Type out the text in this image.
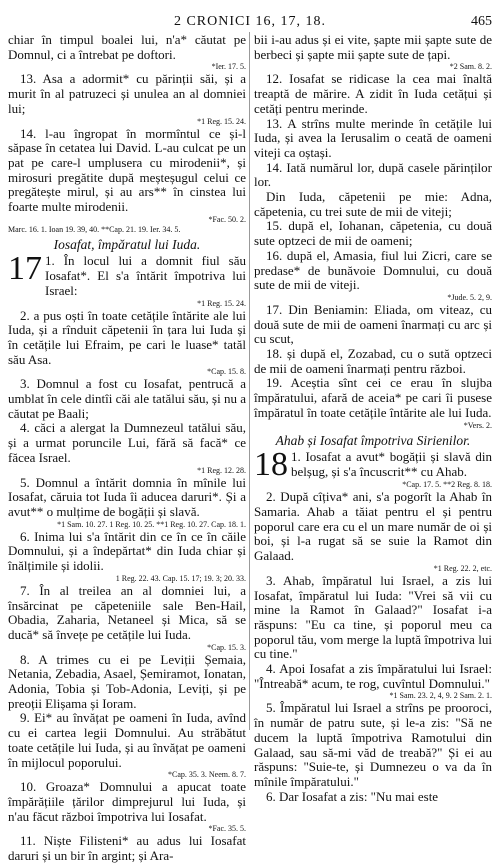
2 CRONICI 16, 17, 18.	465

chiar în timpul boalei lui, n'a* căutat pe Domnul, ci a întrebat pe doftori.

*Ier. 17. 5.

13. Asa a adormit* cu părinții săi, și a murit în al patruzeci și unulea an al domniei lui;

*1 Reg. 15. 24.

14. l-au îngropat în mormîntul ce și-l săpase în cetatea lui David. L-au culcat pe un pat pe care-l umplusera cu mirodenii*, și mirosuri pregătite după meșteșugul celui ce pregătește mirul, și au ars** în cinstea lui foarte multe mirodenii.

*Fac. 50. 2.
Marc. 16. 1. Ioan 19. 39, 40. **Cap. 21. 19. Ier. 34. 5.

Iosafat, împăratul lui Iuda.

17 1. În locul lui a domnit fiul său Iosafat*. El s'a întărit împotriva lui Israel:

*1 Reg. 15. 24.

2. a pus oști în toate cetățile întărite ale lui Iuda, și a rînduit căpetenii în țara lui Iuda și în cetățile lui Efraim, pe cari le luase* tatăl său Asa.

*Cap. 15. 8.

3. Domnul a fost cu Iosafat, pentrucă a umblat în cele dintîi căi ale tatălui său, și nu a căutat pe Baali;

4. căci a alergat la Dumnezeul tatălui său, și a urmat poruncile Lui, fără să facă* ce făcea Israel.

*1 Reg. 12. 28.

5. Domnul a întărit domnia în mînile lui Iosafat, căruia tot Iuda îi aducea daruri*. Și a avut** o mulțime de bogății și slavă.

*1 Sam. 10. 27. 1 Reg. 10. 25. **1 Reg. 10. 27. Cap. 18. 1.

6. Inima lui s'a întărit din ce în ce în căile Domnului, și a îndepărtat* din Iuda chiar și înălțimile și idolii.

1 Reg. 22. 43. Cap. 15. 17; 19. 3; 20. 33.

7. În al treilea an al domniei lui, a însărcinat pe căpeteniile sale Ben-Hail, Obadia, Zaharia, Netaneel și Mica, să se ducă* să învețe pe cetățile lui Iuda.

*Cap. 15. 3.

8. A trimes cu ei pe Leviții Șemaia, Netania, Zebadia, Asael, Șemiramot, Ionatan, Adonia, Tobia și Tob-Adonia, Leviți, și pe preoții Elișama și Ioram.

9. Ei* au învățat pe oameni în Iuda, avînd cu ei cartea legii Domnului. Au străbătut toate cetățile lui Iuda, și au învățat pe oameni în mijlocul poporului.

*Cap. 35. 3. Neem. 8. 7.

10. Groaza* Domnului a apucat toate împărățiile țărilor dimprejurul lui Iuda, și n'au făcut război împotriva lui Iosafat.

*Fac. 35. 5.

11. Niște Filisteni* au adus lui Iosafat daruri și un bir în argint; și Ara-

bii i-au adus și ei vite, șapte mii șapte sute de berbeci și șapte mii șapte sute de țapi.

*2 Sam. 8. 2.

12. Iosafat se ridicase la cea mai înaltă treaptă de mărire. A zidit în Iuda cetățui și cetăți pentru merinde.

13. A strîns multe merinde în cetățile lui Iuda, și avea la Ierusalim o ceată de oameni viteji ca oștași.

14. Iată numărul lor, după casele părinților lor.

Din Iuda, căpetenii pe mie: Adna, căpetenia, cu trei sute de mii de viteji;

15. după el, Iohanan, căpetenia, cu două sute optzeci de mii de oameni;

16. după el, Amasia, fiul lui Zicri, care se predase* de bunăvoie Domnului, cu două sute de mii de viteji.

*Jude. 5. 2, 9.

17. Din Beniamin: Eliada, om viteaz, cu două sute de mii de oameni înarmați cu arc și cu scut,

18. și după el, Zozabad, cu o sută optzeci de mii de oameni înarmați pentru război.

19. Aceștia sînt cei ce erau în slujba împăratului, afară de aceia* pe cari îi pusese împăratul în toate cetățile întărite ale lui Iuda.

*Vers. 2.

Ahab și Iosafat împotriva Sirienilor.

18 1. Iosafat a avut* bogății și slavă din belșug, și s'a încuscrit** cu Ahab.

*Cap. 17. 5. **2 Reg. 8. 18.

2. După cîțiva* ani, s'a pogorît la Ahab în Samaria. Ahab a tăiat pentru el și pentru poporul care era cu el un mare număr de oi și boi, și l-a rugat să se suie la Ramot din Galaad.

*1 Reg. 22. 2, etc.

3. Ahab, împăratul lui Israel, a zis lui Iosafat, împăratul lui Iuda: "Vrei să vii cu mine la Ramot în Galaad?" Iosafat i-a răspuns: "Eu ca tine, și poporul meu ca poporul tău, vom merge la luptă împotriva lui cu tine."

4. Apoi Iosafat a zis împăratului lui Israel: "Întreabă* acum, te rog, cuvîntul Domnului."

*1 Sam. 23. 2, 4, 9. 2 Sam. 2. 1.

5. Împăratul lui Israel a strîns pe prooroci, în număr de patru sute, și le-a zis: "Să ne ducem la luptă împotriva Ramotului din Galaad, sau să-mi văd de treabă?" Și ei au răspuns: "Suie-te, și Dumnezeu o va da în mînile împăratului."

6. Dar Iosafat a zis: "Nu mai este
